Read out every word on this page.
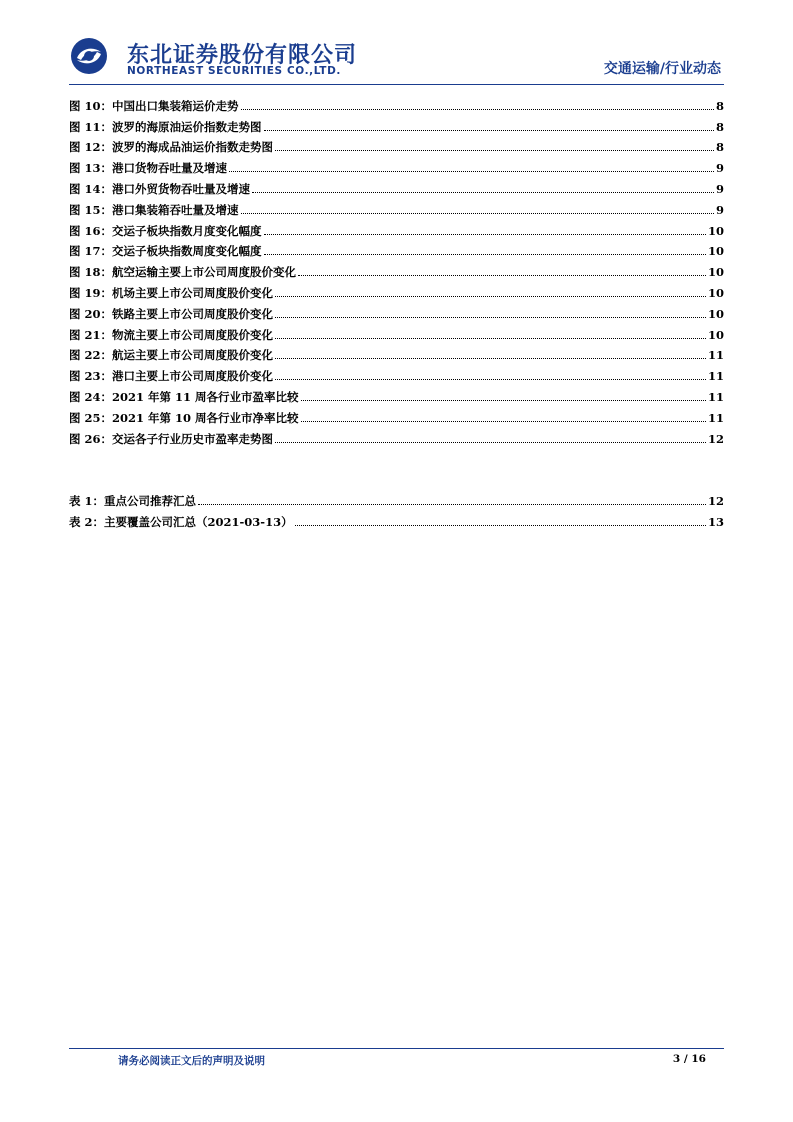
东北证券股份有限公司
NORTHEAST SECURITIES CO.,LTD.	交通运输/行业动态
图 10： 中国出口集装箱运价走势	8
图 11： 波罗的海原油运价指数走势图	8
图 12： 波罗的海成品油运价指数走势图	8
图 13： 港口货物吞吐量及增速	9
图 14： 港口外贸货物吞吐量及增速	9
图 15： 港口集装箱吞吐量及增速	9
图 16： 交运子板块指数月度变化幅度	10
图 17： 交运子板块指数周度变化幅度	10
图 18： 航空运输主要上市公司周度股价变化	10
图 19： 机场主要上市公司周度股价变化	10
图 20： 铁路主要上市公司周度股价变化	10
图 21： 物流主要上市公司周度股价变化	10
图 22： 航运主要上市公司周度股价变化	11
图 23： 港口主要上市公司周度股价变化	11
图 24： 2021 年第 11 周各行业市盈率比较	11
图 25： 2021 年第 10 周各行业市净率比较	11
图 26： 交运各子行业历史市盈率走势图	12
表 1： 重点公司推荐汇总	12
表 2： 主要覆盖公司汇总（2021-03-13）	13
请务必阅读正文后的声明及说明	3 / 16
